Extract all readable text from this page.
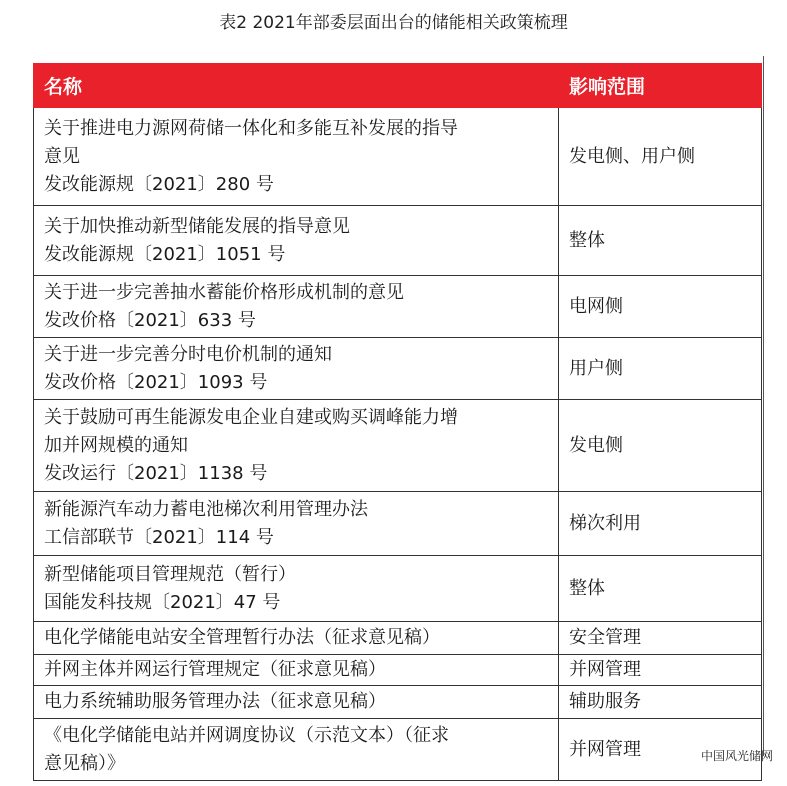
表2 2021年部委层面出台的储能相关政策梳理
名称	影响范围

关于推进电力源网荷储一体化和多能互补发展的指导
意见
发改能源规〔2021〕280 号	发电侧、用户侧

关于加快推动新型储能发展的指导意见
发改能源规〔2021〕1051 号	整体

关于进一步完善抽水蓄能价格形成机制的意见
发改价格〔2021〕633 号	电网侧

关于进一步完善分时电价机制的通知
发改价格〔2021〕1093 号	用户侧

关于鼓励可再生能源发电企业自建或购买调峰能力增
加并网规模的通知
发改运行〔2021〕1138 号	发电侧

新能源汽车动力蓄电池梯次利用管理办法
工信部联节〔2021〕114 号	梯次利用

新型储能项目管理规范（暂行）
国能发科技规〔2021〕47 号	整体

电化学储能电站安全管理暂行办法（征求意见稿）	安全管理

并网主体并网运行管理规定（征求意见稿）	并网管理

电力系统辅助服务管理办法（征求意见稿）	辅助服务

《电化学储能电站并网调度协议（示范文本）（征求
意见稿）》	并网管理	中国风光储网
